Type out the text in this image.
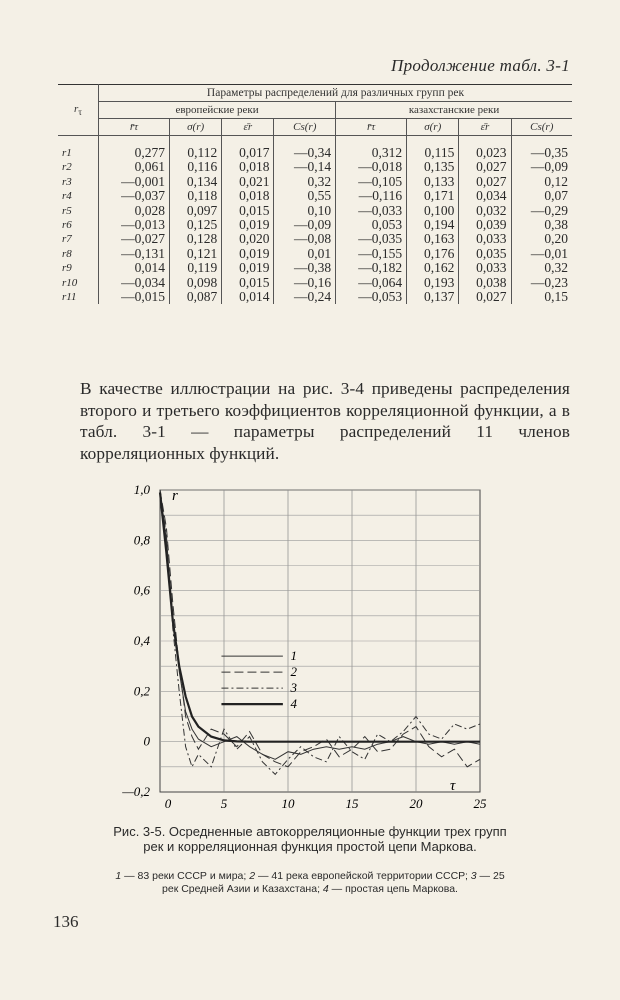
Продолжение табл. 3-1
$r_\tau$	Параметры распределений для различных групп рек							
	европейские реки				казахстанские реки			
	r̄τ	σ(r)	ε̄r	Cs(r)	r̄τ	σ(r)	ε̄r	Cs(r)
r1	0,277	0,112	0,017	—0,34	0,312	0,115	0,023	—0,35
r2	0,061	0,116	0,018	—0,14	—0,018	0,135	0,027	—0,09
r3	—0,001	0,134	0,021	0,32	—0,105	0,133	0,027	0,12
r4	—0,037	0,118	0,018	0,55	—0,116	0,171	0,034	0,07
r5	0,028	0,097	0,015	0,10	—0,033	0,100	0,032	—0,29
r6	—0,013	0,125	0,019	—0,09	0,053	0,194	0,039	0,38
r7	—0,027	0,128	0,020	—0,08	—0,035	0,163	0,033	0,20
r8	—0,131	0,121	0,019	0,01	—0,155	0,176	0,035	—0,01
r9	0,014	0,119	0,019	—0,38	—0,182	0,162	0,033	0,32
r10	—0,034	0,098	0,015	—0,16	—0,064	0,193	0,038	—0,23
r11	—0,015	0,087	0,014	—0,24	—0,053	0,137	0,027	0,15

В качестве иллюстрации на рис. 3-4 приведены распределения второго и третьего коэффициентов корреляционной функции, а в табл. 3-1 — параметры распределений 11 членов корреляционных функций.

1,0
0,8
0,6
0,4
0,2
0
—0,2
0	5	10	15	20	25
1
2
3
4
r
τ
Рис. 3-5. Осредненные автокорреляционные функции трех групп рек и корреляционная функция простой цепи Маркова.
1 — 83 реки СССР и мира; 2 — 41 река европейской территории СССР; 3 — 25 рек Средней Азии и Казахстана; 4 — простая цепь Маркова.
136
